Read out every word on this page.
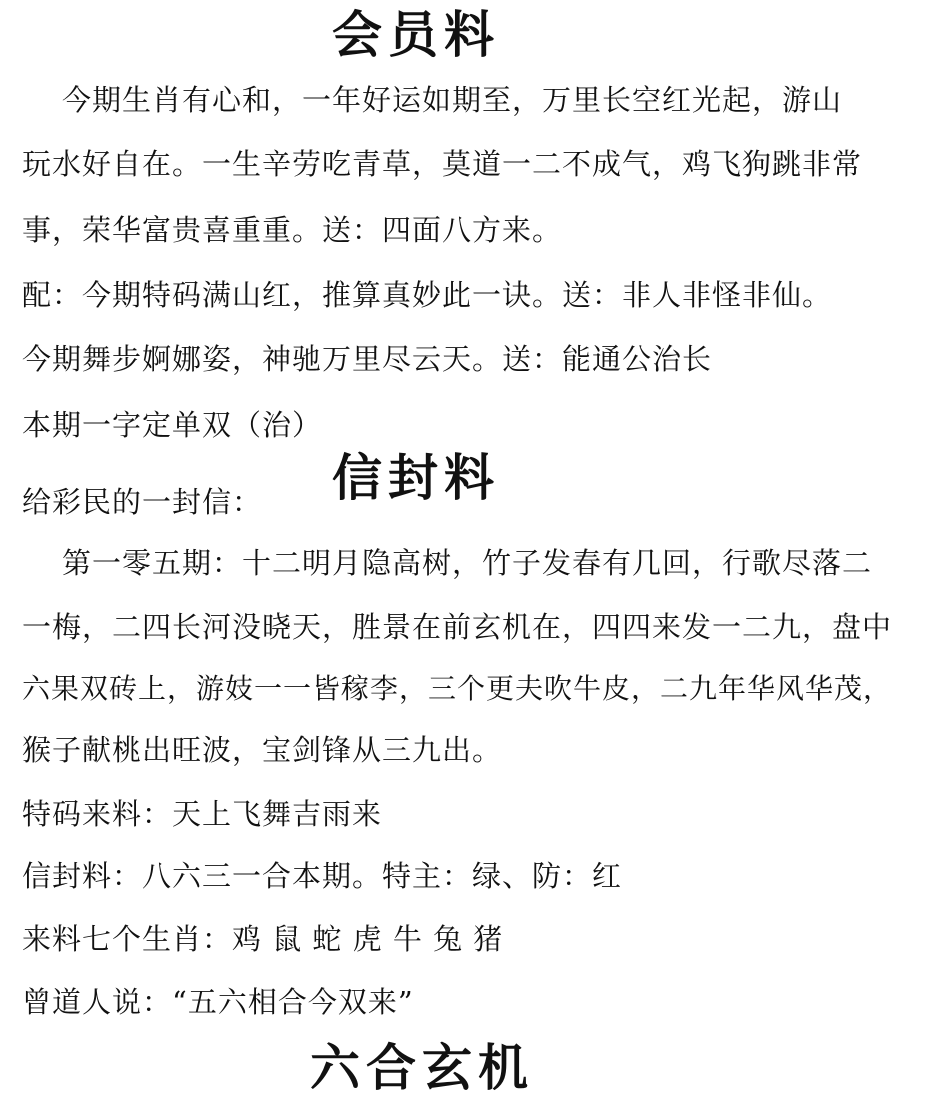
会员料
今期生肖有心和，一年好运如期至，万里长空红光起，游山
玩水好自在。一生辛劳吃青草，莫道一二不成气，鸡飞狗跳非常
事，荣华富贵喜重重。送：四面八方来。
配：今期特码满山红，推算真妙此一诀。送：非人非怪非仙。
今期舞步婀娜姿，神驰万里尽云天。送：能通公治长
本期一字定单双（治）
信封料
给彩民的一封信：
第一零五期：十二明月隐高树，竹子发春有几回，行歌尽落二
一梅，二四长河没晓天，胜景在前玄机在，四四来发一二九，盘中
六果双砖上，游妓一一皆稼李，三个更夫吹牛皮，二九年华风华茂，
猴子献桃出旺波，宝剑锋从三九出。
特码来料：天上飞舞吉雨来
信封料：八六三一合本期。特主：绿、防：红
来料七个生肖：鸡 鼠 蛇 虎 牛 兔 猪
曾道人说：“五六相合今双来”
六合玄机
